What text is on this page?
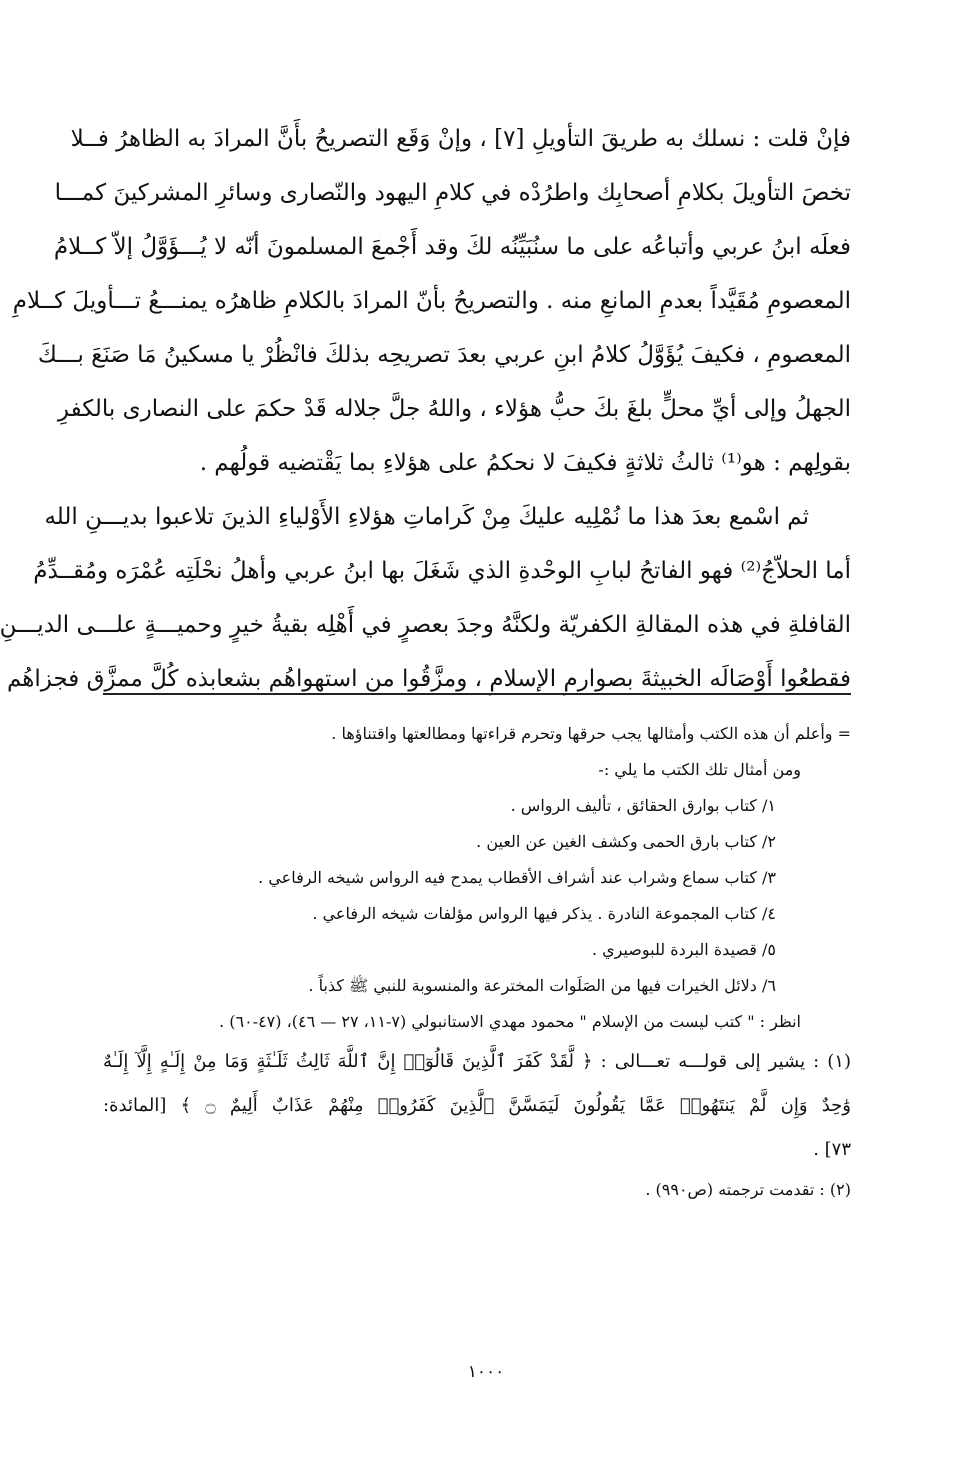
فإنْ قلت : نسلك به طريقَ التأويلِ [٧] ، وإنْ وَقَع التصريحُ بأَنَّ المرادَ به الظاهرُ فــلا
تخصَ التأويلَ بكلامِ أصحابِك واطرُدْه في كلامِ اليهود والنّصارى وسائرِ المشركينَ كمـــا
فعلَه ابنُ عربي وأتباعُه على ما سنُبَيِّنُه لكَ وقد أَجْمعَ المسلمونَ أنّه لا يُـــؤَوَّلُ إلاّ كــلامُ
المعصومِ مُقَيَّداً بعدمِ المانعِ منه . والتصريحُ بأنّ المرادَ بالكلامِ ظاهرُه يمنـــعُ تـــأويلَ كــلامِ
المعصومِ ، فكيفَ يُؤَوَّلُ كلامُ ابنِ عربي بعدَ تصريحِه بذلكَ فانْظُرْ يا مسكينُ مَا صَنَعَ بـــكَ
الجهلُ وإلى أيِّ محلٍّ بلغَ بكَ حبُّ هؤلاء ، واللهُ جلَّ جلاله قَدْ حكمَ على النصارى بالكفرِ
بقولِهم : هو⁽¹⁾ ثالثُ ثلاثةٍ فكيفَ لا نحكمُ على هؤلاءِ بما يَقْتضيه قولُهم .
ثم اسْمع بعدَ هذا ما نُمْلِيه عليكَ مِنْ كَراماتِ هؤلاءِ الأَوْلياءِ الذينَ تلاعبوا بديـــنِ الله
أما الحلاّجُ⁽²⁾ فهو الفاتحُ لبابِ الوحْدةِ الذي شَغَلَ بها ابنُ عربي وأهلُ نحْلَتِه عُمْرَه ومُقــدِّمُ
القافلةِ في هذه المقالةِ الكفريّة ولكنَّهُ وجدَ بعصرٍ في أَهْلِه بقيةُ خيرٍ وحميـــةٍ علـــى الديـــنِ
فقطعُوا أَوْصَالَه الخبيثةَ بصوارمِ الإسلامِ ، ومزَّقُوا من استهواهُم بشعابذه كُلَّ ممزَّق فجزاهُم
= وأعلم أن هذه الكتب وأمثالها يجب حرقها وتحرم قراءتها ومطالعتها واقتناؤها .
ومن أمثال تلك الكتب ما يلي :-
١/ كتاب بوارق الحقائق ، تأليف الرواس .
٢/ كتاب بارق الحمى وكشف الغين عن العين .
٣/ كتاب سماع وشراب عند أشراف الأقطاب يمدح فيه الرواس شيخه الرفاعي .
٤/ كتاب المجموعة النادرة . يذكر فيها الرواس مؤلفات شيخه الرفاعي .
٥/ قصيدة البردة للبوصيري .
٦/ دلائل الخيرات فيها من الصَلَوات المخترعة والمنسوبة للنبي ﷺ كذباً .
انظر : " كتب ليست من الإسلام " محمود مهدي الاستانبولي (٧-١١، ٢٧ — ٤٦)، (٤٧-٦٠) .
(١) : يشير إلى قولـــه تعـــالى : ﴿ لَّقَدْ كَفَرَ ٱلَّذِينَ قَالُوٓا۟ إِنَّ ٱللَّهَ ثَالِثُ ثَلَـٰثَةٍ وَمَا مِنْ إِلَـٰهٍ إِلَّآ إِلَـٰهٌ
وَٰحِدٌ وَإِن لَّمْ يَنتَهُوا۟ عَمَّا يَقُولُونَ لَيَمَسَّنَّ ٱلَّذِينَ كَفَرُوا۟ مِنْهُمْ عَذَابٌ أَلِيمٌ ۝ ﴾ [المائدة:
٧٣] .
(٢) : تقدمت ترجمته (ص٩٩٠) .
١٠٠٠
